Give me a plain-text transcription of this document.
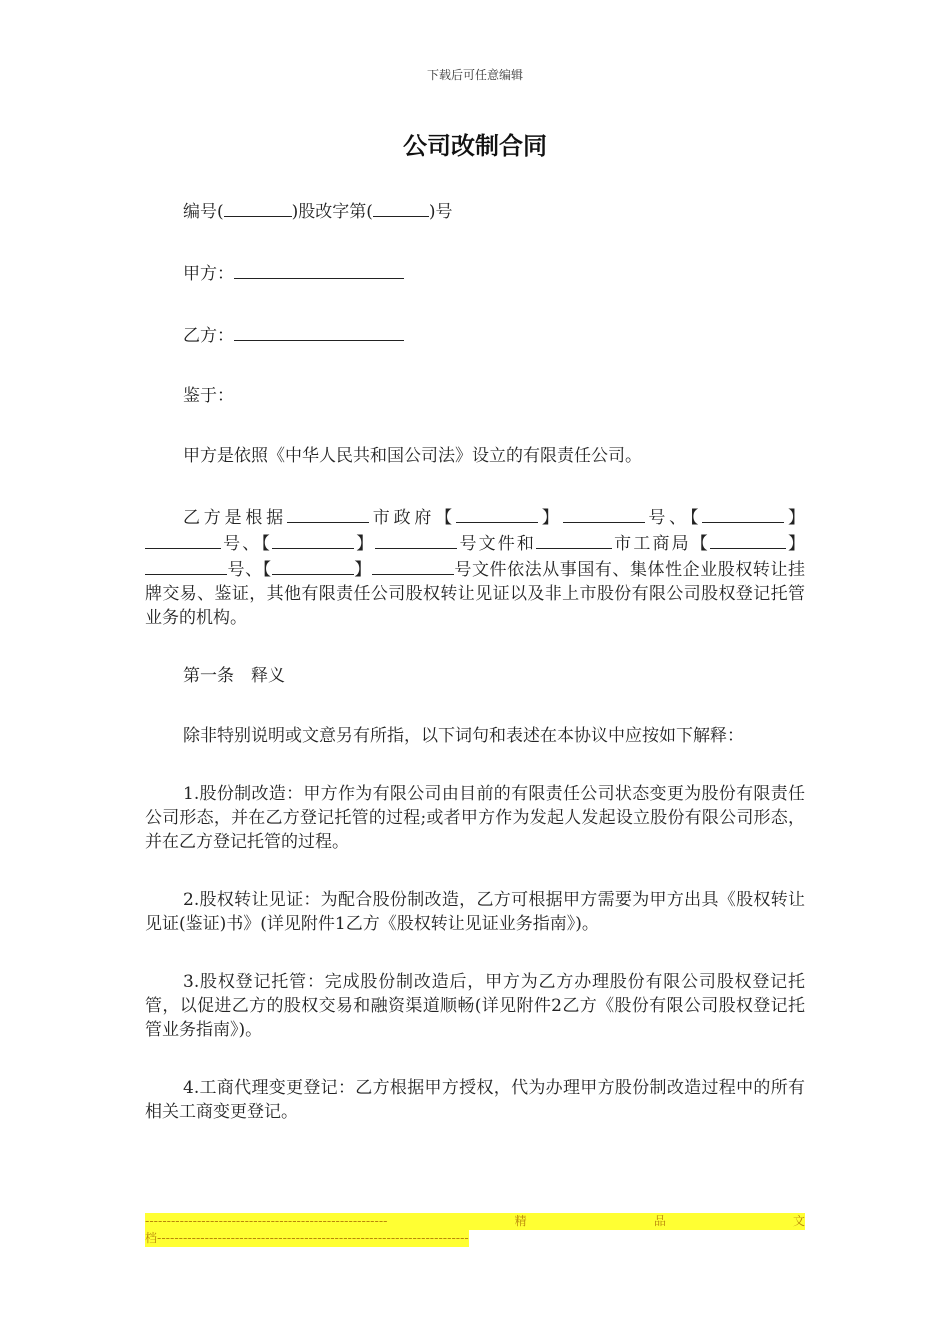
下载后可任意编辑
公司改制合同

编号(	)股改字第(	)号

甲方：

乙方：

鉴于：

甲方是依照《中华人民共和国公司法》设立的有限责任公司。

乙方是根据	市政府【	】	号、【	】号、【	】	号文件和	市工商局【	】号、【	】	号文件依法从事国有、集体性企业股权转让挂牌交易、鉴证，其他有限责任公司股权转让见证以及非上市股份有限公司股权登记托管业务的机构。

第一条　释义

除非特别说明或文意另有所指，以下词句和表述在本协议中应按如下解释：

1.股份制改造：甲方作为有限公司由目前的有限责任公司状态变更为股份有限责任公司形态，并在乙方登记托管的过程;或者甲方作为发起人发起设立股份有限公司形态，并在乙方登记托管的过程。

2.股权转让见证：为配合股份制改造，乙方可根据甲方需要为甲方出具《股权转让见证(鉴证)书》(详见附件1乙方《股权转让见证业务指南》)。

3.股权登记托管：完成股份制改造后，甲方为乙方办理股份有限公司股权登记托管，以促进乙方的股权交易和融资渠道顺畅(详见附件2乙方《股份有限公司股权登记托管业务指南》)。

4.工商代理变更登记：乙方根据甲方授权，代为办理甲方股份制改造过程中的所有相关工商变更登记。

--------------------------------------------------------	精	品	文
档------------------------------------------------------------------------
